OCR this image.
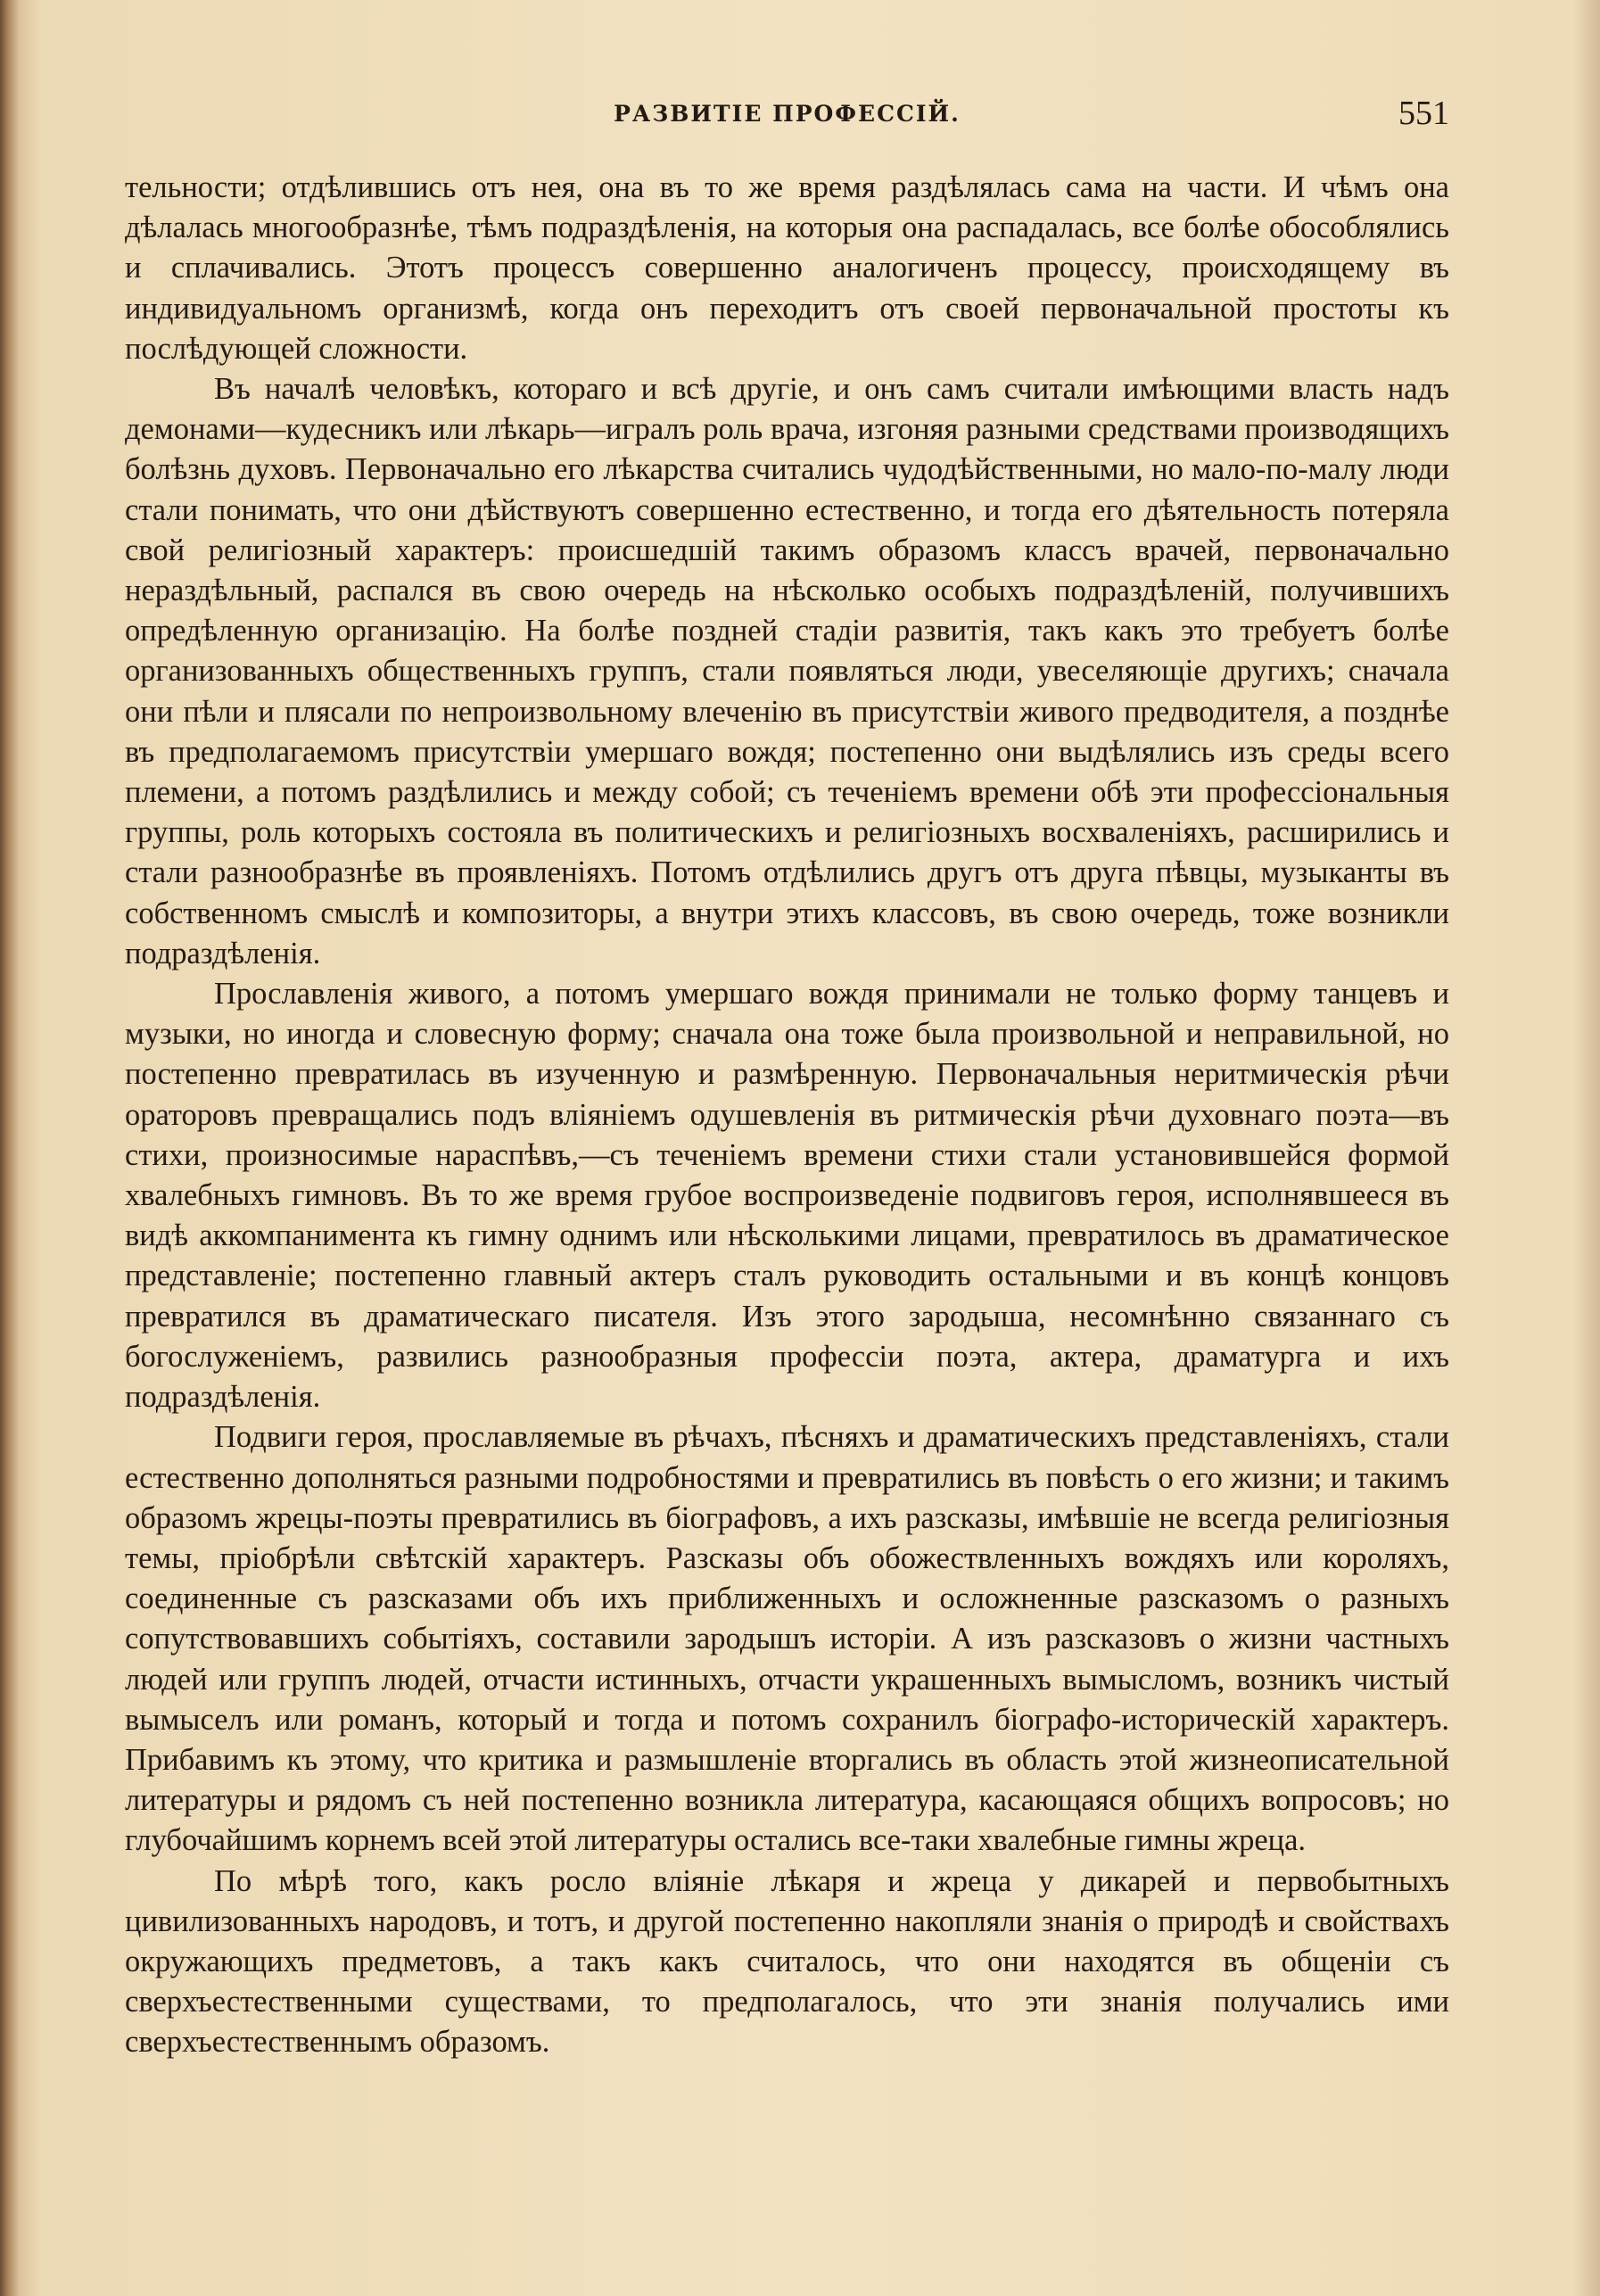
РАЗВИТІЕ ПРОФЕССІЙ.	551

тельности; отдѣлившись отъ нея, она въ то же время раздѣлялась сама на части. И чѣмъ она дѣлалась многообразнѣе, тѣмъ подраздѣленія, на которыя она распадалась, все болѣе обособлялись и сплачивались. Этотъ процессъ совершенно аналогиченъ процессу, происходящему въ индивидуальномъ организмѣ, когда онъ переходитъ отъ своей первоначальной простоты къ послѣдующей сложности.

Въ началѣ человѣкъ, котораго и всѣ другіе, и онъ самъ считали имѣющими власть надъ демонами—кудесникъ или лѣкарь—игралъ роль врача, изгоняя разными средствами производящихъ болѣзнь духовъ. Первоначально его лѣкарства считались чудодѣйственными, но мало-по-малу люди стали понимать, что они дѣйствуютъ совершенно естественно, и тогда его дѣятельность потеряла свой религіозный характеръ: происшедшій такимъ образомъ классъ врачей, первоначально нераздѣльный, распался въ свою очередь на нѣсколько особыхъ подраздѣленій, получившихъ опредѣленную организацію. На болѣе поздней стадіи развитія, такъ какъ это требуетъ болѣе организованныхъ общественныхъ группъ, стали появляться люди, увеселяющіе другихъ; сначала они пѣли и плясали по непроизвольному влеченію въ присутствіи живого предводителя, а позднѣе въ предполагаемомъ присутствіи умершаго вождя; постепенно они выдѣлялись изъ среды всего племени, а потомъ раздѣлились и между собой; съ теченіемъ времени обѣ эти профессіональныя группы, роль которыхъ состояла въ политическихъ и религіозныхъ восхваленіяхъ, расширились и стали разнообразнѣе въ проявленіяхъ. Потомъ отдѣлились другъ отъ друга пѣвцы, музыканты въ собственномъ смыслѣ и композиторы, а внутри этихъ классовъ, въ свою очередь, тоже возникли подраздѣленія.

Прославленія живого, а потомъ умершаго вождя принимали не только форму танцевъ и музыки, но иногда и словесную форму; сначала она тоже была произвольной и неправильной, но постепенно превратилась въ изученную и размѣренную. Первоначальныя неритмическія рѣчи ораторовъ превращались подъ вліяніемъ одушевленія въ ритмическія рѣчи духовнаго поэта—въ стихи, произносимые нараспѣвъ,—съ теченіемъ времени стихи стали установившейся формой хвалебныхъ гимновъ. Въ то же время грубое воспроизведеніе подвиговъ героя, исполнявшееся въ видѣ аккомпанимента къ гимну однимъ или нѣсколькими лицами, превратилось въ драматическое представленіе; постепенно главный актеръ сталъ руководить остальными и въ концѣ концовъ превратился въ драматическаго писателя. Изъ этого зародыша, несомнѣнно связаннаго съ богослуженіемъ, развились разнообразныя профессіи поэта, актера, драматурга и ихъ подраздѣленія.

Подвиги героя, прославляемые въ рѣчахъ, пѣсняхъ и драматическихъ представленіяхъ, стали естественно дополняться разными подробностями и превратились въ повѣсть о его жизни; и такимъ образомъ жрецы-поэты превратились въ біографовъ, а ихъ разсказы, имѣвшіе не всегда религіозныя темы, пріобрѣли свѣтскій характеръ. Разсказы объ обожествленныхъ вождяхъ или короляхъ, соединенные съ разсказами объ ихъ приближенныхъ и осложненные разсказомъ о разныхъ сопутствовавшихъ событіяхъ, составили зародышъ исторіи. А изъ разсказовъ о жизни частныхъ людей или группъ людей, отчасти истинныхъ, отчасти украшенныхъ вымысломъ, возникъ чистый вымыселъ или романъ, который и тогда и потомъ сохранилъ біографо-историческій характеръ. Прибавимъ къ этому, что критика и размышленіе вторгались въ область этой жизнеописательной литературы и рядомъ съ ней постепенно возникла литература, касающаяся общихъ вопросовъ; но глубочайшимъ корнемъ всей этой литературы остались все-таки хвалебные гимны жреца.

По мѣрѣ того, какъ росло вліяніе лѣкаря и жреца у дикарей и первобытныхъ цивилизованныхъ народовъ, и тотъ, и другой постепенно накопляли знанія о природѣ и свойствахъ окружающихъ предметовъ, а такъ какъ считалось, что они находятся въ общеніи съ сверхъестественными существами, то предполагалось, что эти знанія получались ими сверхъестественнымъ образомъ.
